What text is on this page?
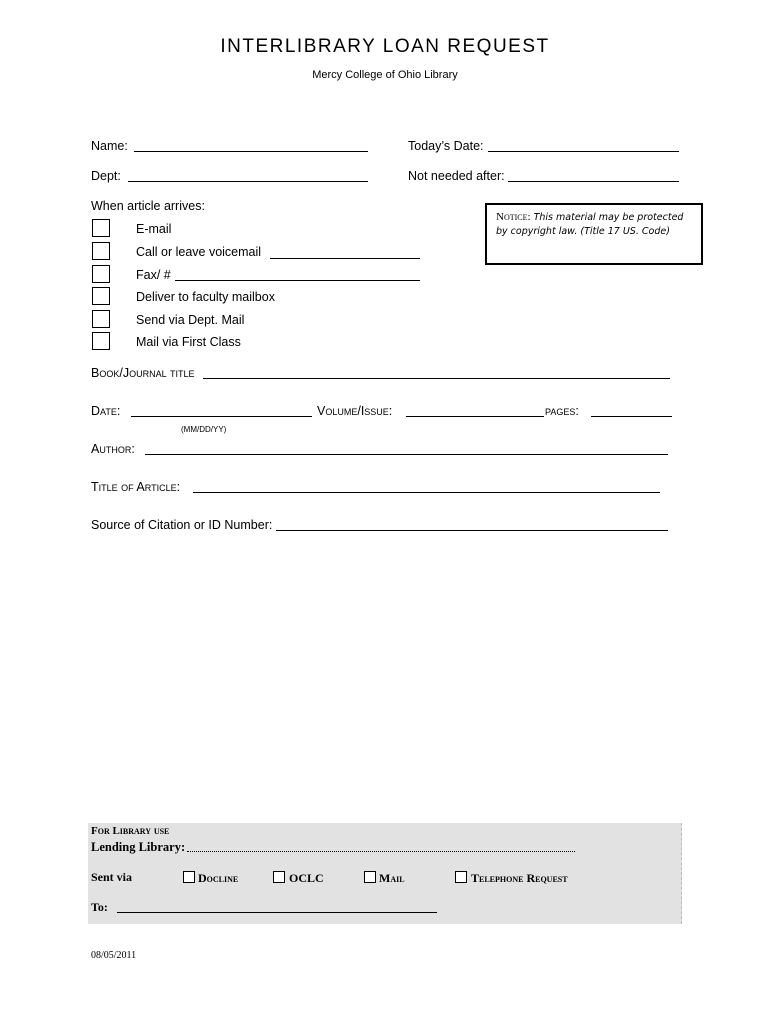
INTERLIBRARY LOAN REQUEST
Mercy College of Ohio Library
Name:	Today’s Date:
Dept:	Not needed after:
When article arrives:
E-mail
Call or leave voicemail
Fax/ #
Deliver to faculty mailbox
Send via Dept. Mail
Mail via First Class
Notice: This material may be protected by copyright law. (Title 17 US. Code)
Book/Journal title
Date:	Volume/Issue:	pages:
(MM/DD/YY)
Author:
Title of Article:
Source of Citation or ID Number:
For Library use
Lending Library:
Sent via	Docline	OCLC	Mail	Telephone Request
To:
08/05/2011
